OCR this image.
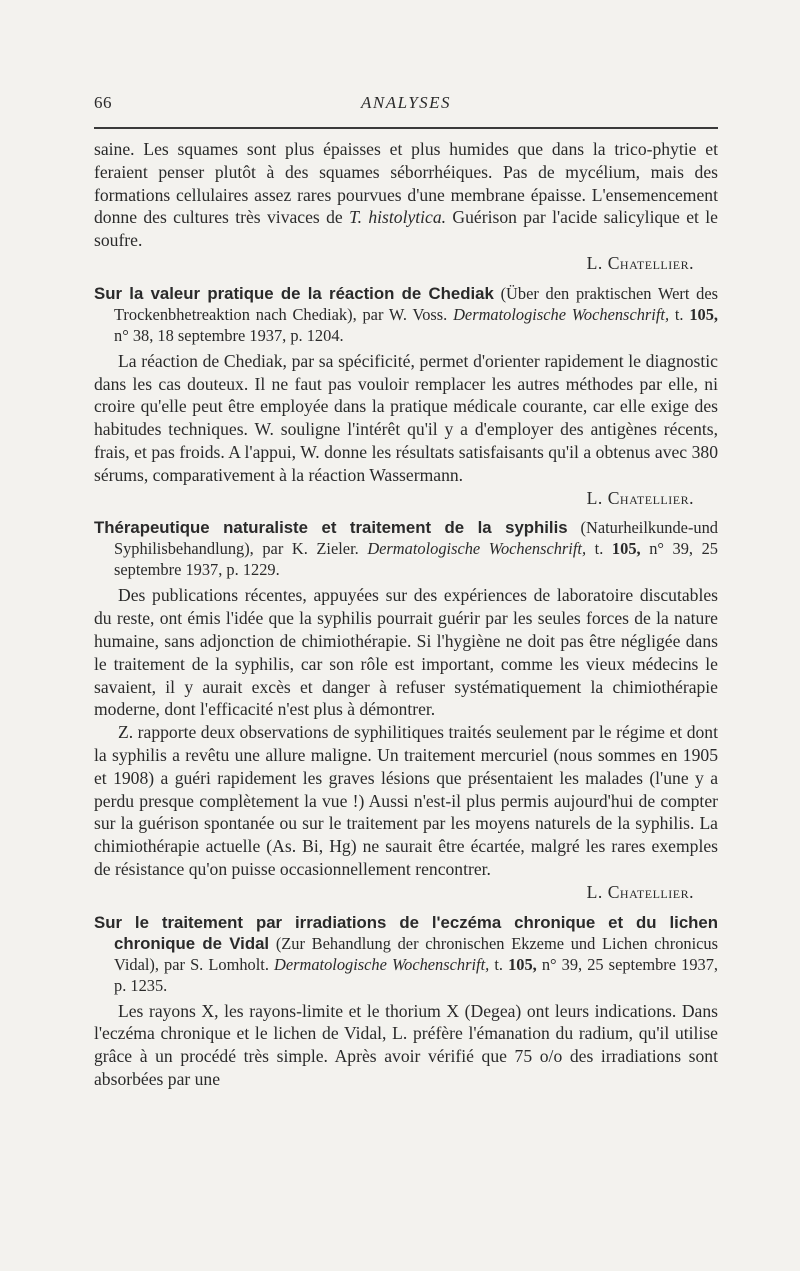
66	ANALYSES

saine. Les squames sont plus épaisses et plus humides que dans la trico-phytie et feraient penser plutôt à des squames séborrhéiques. Pas de mycélium, mais des formations cellulaires assez rares pourvues d'une membrane épaisse. L'ensemencement donne des cultures très vivaces de T. histolytica. Guérison par l'acide salicylique et le soufre.

L. Chatellier.

Sur la valeur pratique de la réaction de Chediak (Über den praktischen Wert des Trockenbhetreaktion nach Chediak), par W. Voss. Dermatologische Wochenschrift, t. 105, n° 38, 18 septembre 1937, p. 1204.

La réaction de Chediak, par sa spécificité, permet d'orienter rapidement le diagnostic dans les cas douteux. Il ne faut pas vouloir remplacer les autres méthodes par elle, ni croire qu'elle peut être employée dans la pratique médicale courante, car elle exige des habitudes techniques. W. souligne l'intérêt qu'il y a d'employer des antigènes récents, frais, et pas froids. A l'appui, W. donne les résultats satisfaisants qu'il a obtenus avec 380 sérums, comparativement à la réaction Wassermann.

L. Chatellier.

Thérapeutique naturaliste et traitement de la syphilis (Naturheilkunde-und Syphilisbehandlung), par K. Zieler. Dermatologische Wochenschrift, t. 105, n° 39, 25 septembre 1937, p. 1229.

Des publications récentes, appuyées sur des expériences de laboratoire discutables du reste, ont émis l'idée que la syphilis pourrait guérir par les seules forces de la nature humaine, sans adjonction de chimiothérapie. Si l'hygiène ne doit pas être négligée dans le traitement de la syphilis, car son rôle est important, comme les vieux médecins le savaient, il y aurait excès et danger à refuser systématiquement la chimiothérapie moderne, dont l'efficacité n'est plus à démontrer.

Z. rapporte deux observations de syphilitiques traités seulement par le régime et dont la syphilis a revêtu une allure maligne. Un traitement mercuriel (nous sommes en 1905 et 1908) a guéri rapidement les graves lésions que présentaient les malades (l'une y a perdu presque complètement la vue !) Aussi n'est-il plus permis aujourd'hui de compter sur la guérison spontanée ou sur le traitement par les moyens naturels de la syphilis. La chimiothérapie actuelle (As. Bi, Hg) ne saurait être écartée, malgré les rares exemples de résistance qu'on puisse occasionnellement rencontrer.

L. Chatellier.

Sur le traitement par irradiations de l'eczéma chronique et du lichen chronique de Vidal (Zur Behandlung der chronischen Ekzeme und Lichen chronicus Vidal), par S. Lomholt. Dermatologische Wochenschrift, t. 105, n° 39, 25 septembre 1937, p. 1235.

Les rayons X, les rayons-limite et le thorium X (Degea) ont leurs indications. Dans l'eczéma chronique et le lichen de Vidal, L. préfère l'émanation du radium, qu'il utilise grâce à un procédé très simple. Après avoir vérifié que 75 o/o des irradiations sont absorbées par une
